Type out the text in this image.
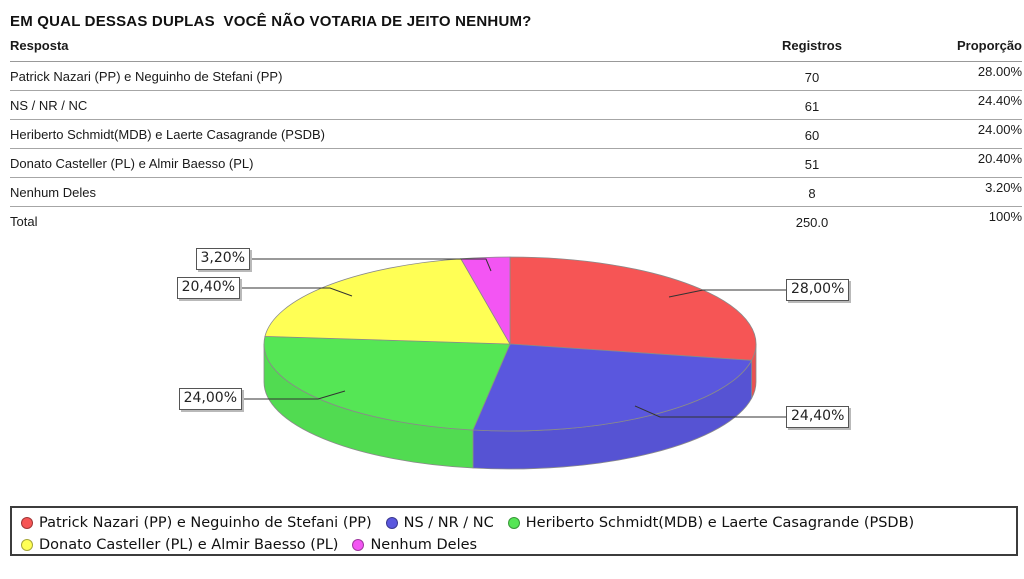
EM QUAL DESSAS DUPLAS  VOCÊ NÃO VOTARIA DE JEITO NENHUM?
Resposta	Registros	Proporção
Patrick Nazari (PP) e Neguinho de Stefani (PP)	70	28.00%
NS / NR / NC	61	24.40%
Heriberto Schmidt(MDB) e Laerte Casagrande (PSDB)	60	24.00%
Donato Casteller (PL) e Almir Baesso (PL)	51	20.40%
Nenhum Deles	8	3.20%
Total	250.0	100%
28,00%
24,40%
24,00%
20,40%
3,20%
Patrick Nazari (PP) e Neguinho de Stefani (PP) NS / NR / NC Heriberto Schmidt(MDB) e Laerte Casagrande (PSDB)
Donato Casteller (PL) e Almir Baesso (PL) Nenhum Deles
